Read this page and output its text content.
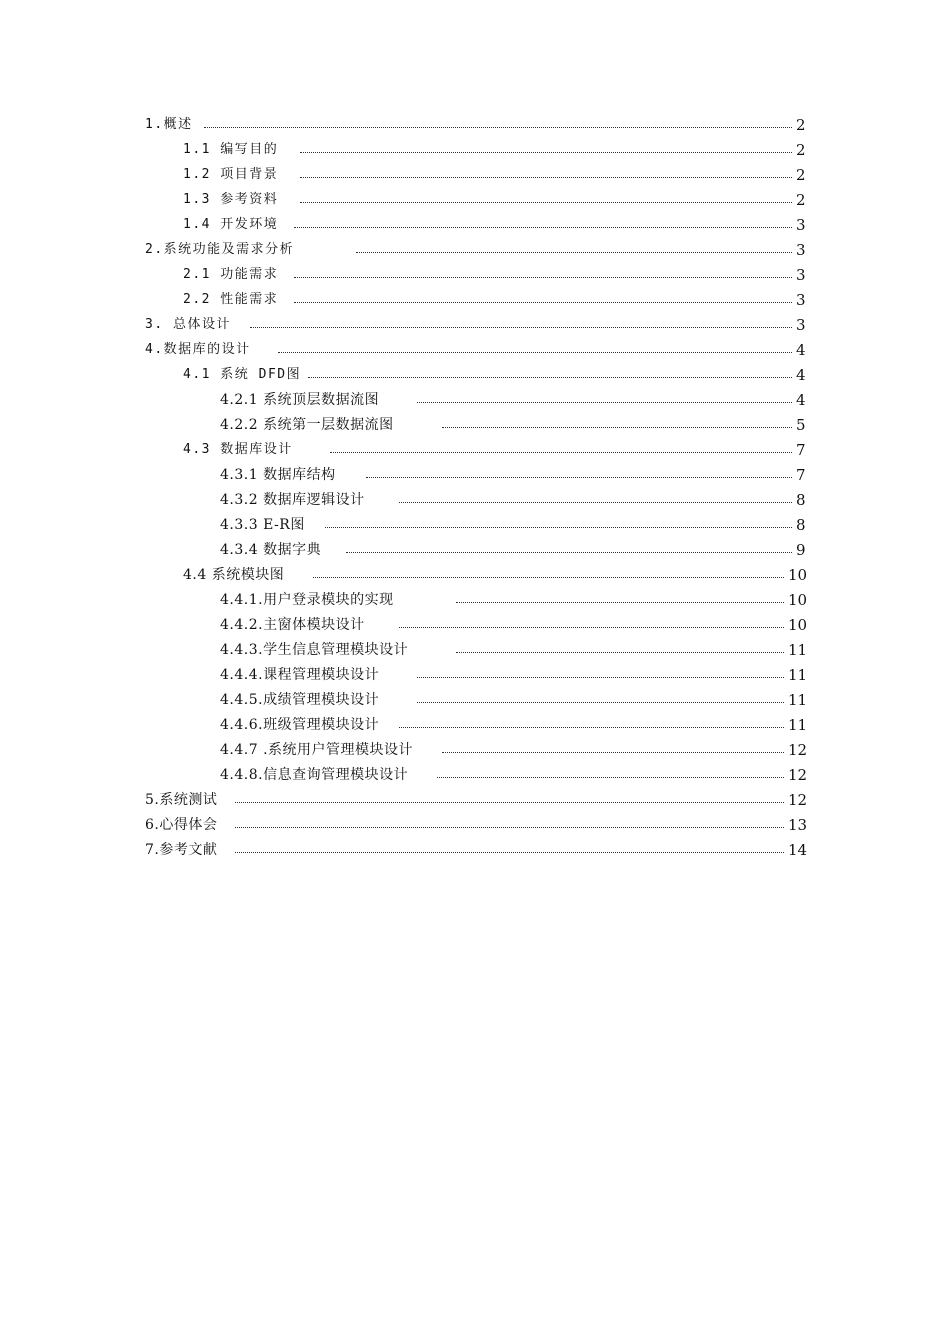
1.概述	2
1.1 编写目的	2
1.2 项目背景	2
1.3 参考资料	2
1.4 开发环境	3
2.系统功能及需求分析	3
2.1 功能需求	3
2.2 性能需求	3
3. 总体设计	3
4.数据库的设计	4
4.1 系统 DFD图	4
4.2.1 系统顶层数据流图	4
4.2.2 系统第一层数据流图	5
4.3 数据库设计	7
4.3.1 数据库结构	7
4.3.2 数据库逻辑设计	8
4.3.3 E-R图	8
4.3.4 数据字典	9
4.4 系统模块图	10
4.4.1.用户登录模块的实现	10
4.4.2.主窗体模块设计	10
4.4.3.学生信息管理模块设计	11
4.4.4.课程管理模块设计	11
4.4.5.成绩管理模块设计	11
4.4.6.班级管理模块设计	11
4.4.7 .系统用户管理模块设计	12
4.4.8.信息查询管理模块设计	12
5.系统测试	12
6.心得体会	13
7.参考文献	14
